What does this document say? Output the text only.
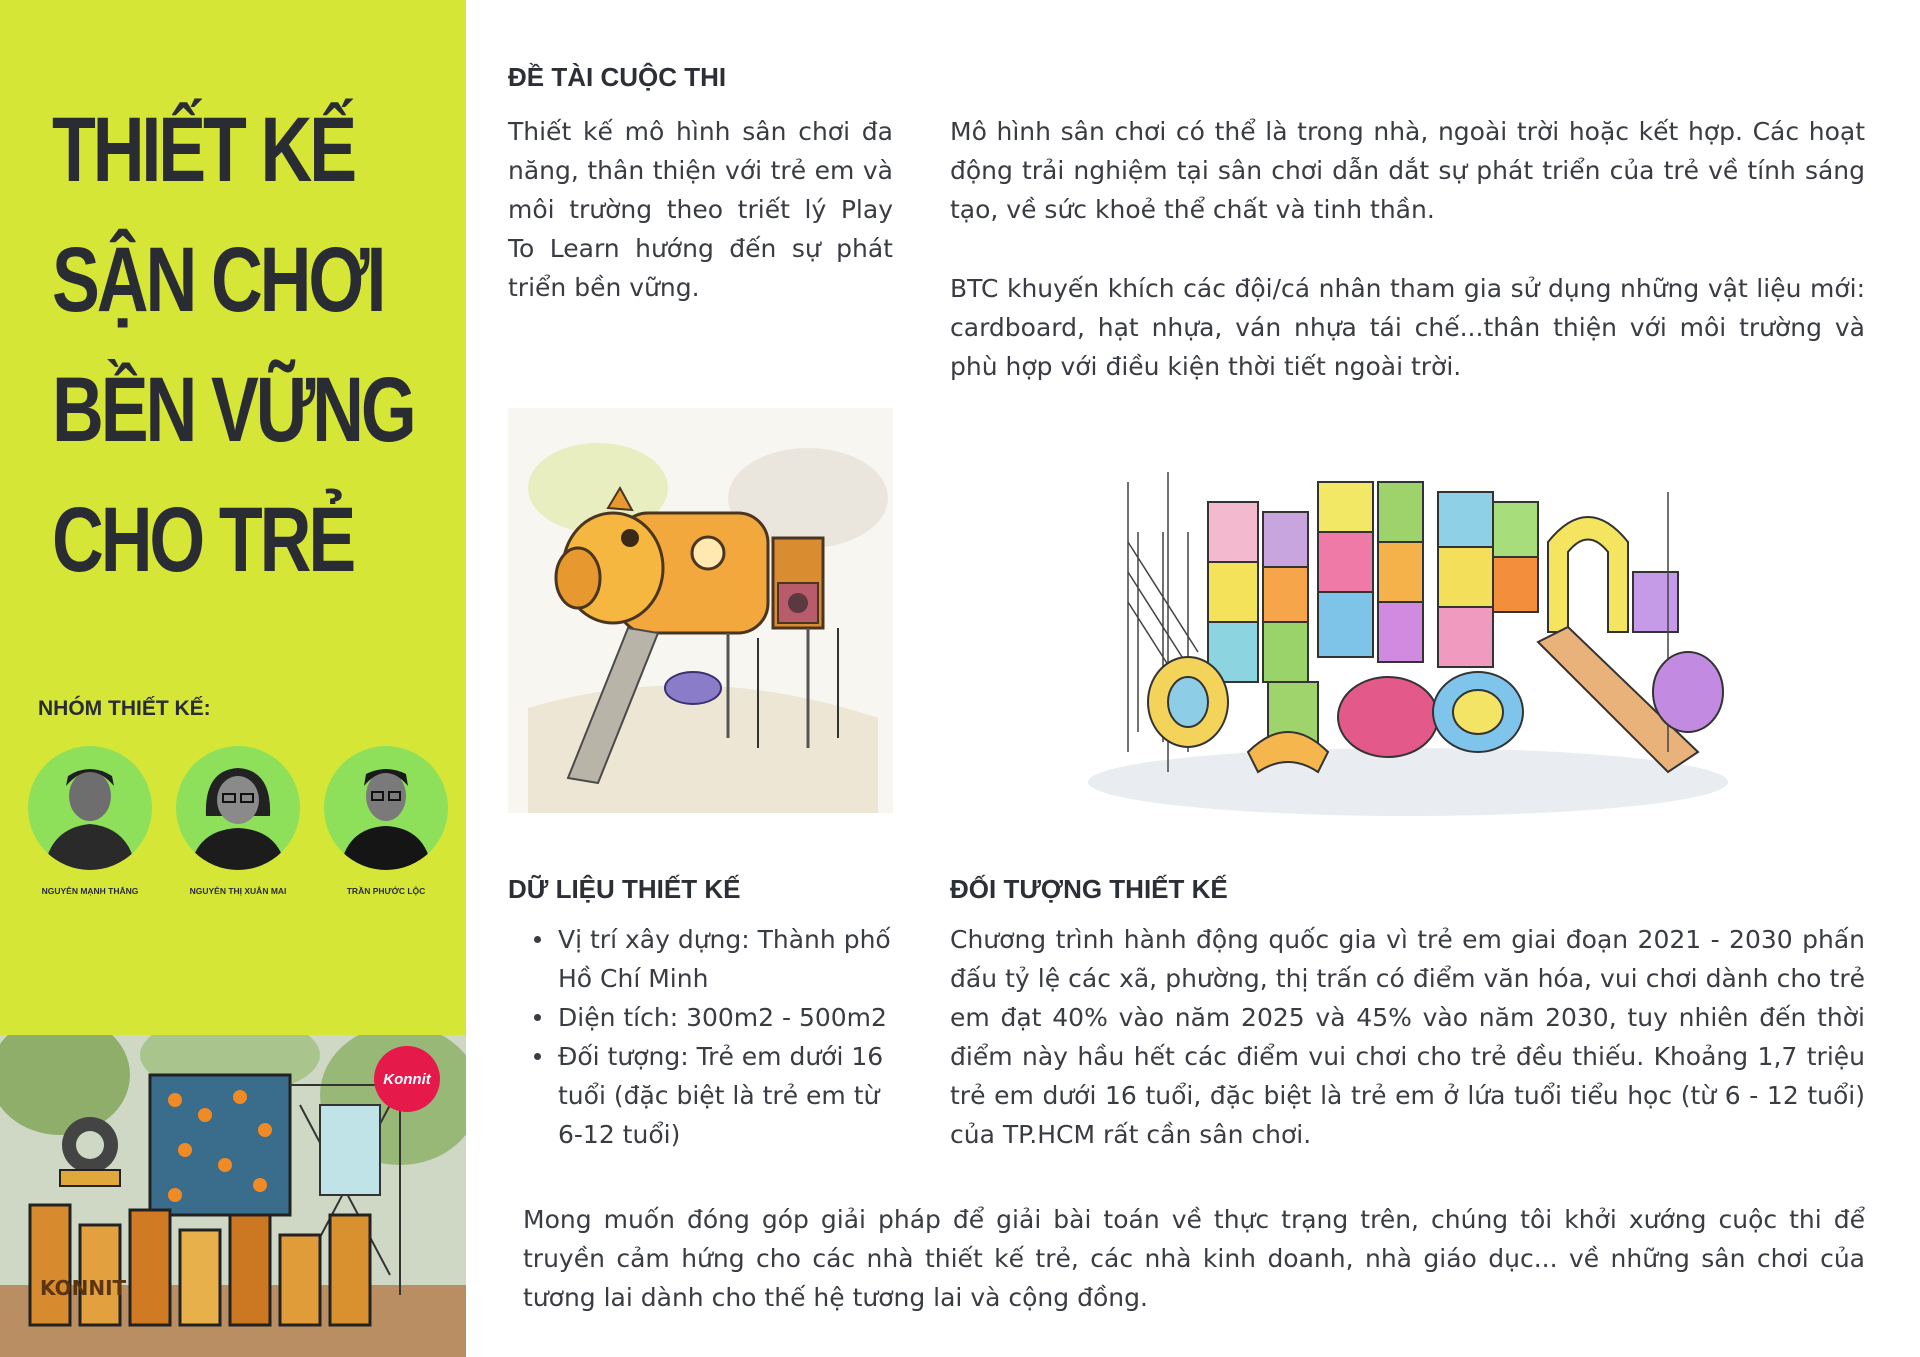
THIẾT KẾ
SẬN CHƠI
BỀN VỮNG
CHO TRẺ
NHÓM THIẾT KẾ:
NGUYỄN MẠNH THẮNG	NGUYỄN THỊ XUÂN MAI	TRẦN PHƯỚC LỘC
KONNIT
Konnit
ĐỀ TÀI CUỘC THI

Thiết kế mô hình sân chơi đa năng, thân thiện với trẻ em và môi trường theo triết lý Play To Learn hướng đến sự phát triển bền vững.

Mô hình sân chơi có thể là trong nhà, ngoài trời hoặc kết hợp. Các hoạt động trải nghiệm tại sân chơi dẫn dắt sự phát triển của trẻ về tính sáng tạo, về sức khoẻ thể chất và tinh thần.

BTC khuyến khích các đội/cá nhân tham gia sử dụng những vật liệu mới: cardboard, hạt nhựa, ván nhựa tái chế...thân thiện với môi trường và phù hợp với điều kiện thời tiết ngoài trời.

DỮ LIỆU THIẾT KẾ
Vị trí xây dựng: Thành phố Hồ Chí Minh
Diện tích: 300m2 - 500m2
Đối tượng: Trẻ em dưới 16 tuổi (đặc biệt là trẻ em từ 6-12 tuổi)
ĐỐI TƯỢNG THIẾT KẾ

Chương trình hành động quốc gia vì trẻ em giai đoạn 2021 - 2030 phấn đấu tỷ lệ các xã, phường, thị trấn có điểm văn hóa, vui chơi dành cho trẻ em đạt 40% vào năm 2025 và 45% vào năm 2030, tuy nhiên đến thời điểm này hầu hết các điểm vui chơi cho trẻ đều thiếu. Khoảng 1,7 triệu trẻ em dưới 16 tuổi, đặc biệt là trẻ em ở lứa tuổi tiểu học (từ 6 - 12 tuổi) của TP.HCM rất cần sân chơi.

Mong muốn đóng góp giải pháp để giải bài toán về thực trạng trên, chúng tôi khởi xướng cuộc thi để truyền cảm hứng cho các nhà thiết kế trẻ, các nhà kinh doanh, nhà giáo dục... về những sân chơi của tương lai dành cho thế hệ tương lai và cộng đồng.
